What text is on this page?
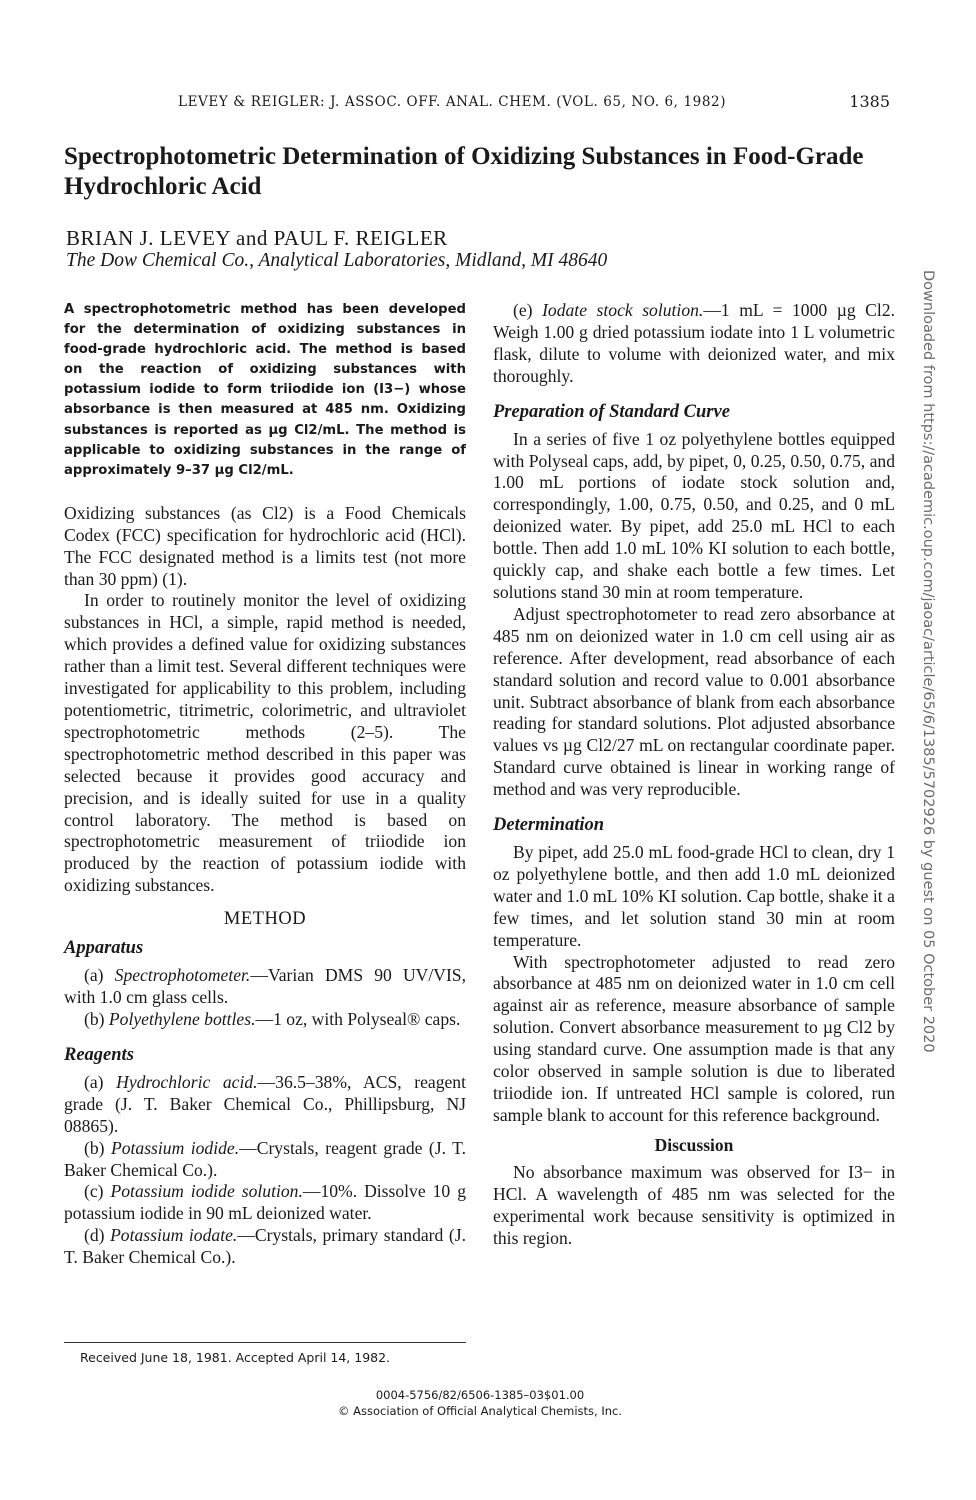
LEVEY & REIGLER: J. ASSOC. OFF. ANAL. CHEM. (VOL. 65, NO. 6, 1982)	1385
Spectrophotometric Determination of Oxidizing Substances in Food-Grade Hydrochloric Acid
BRIAN J. LEVEY and PAUL F. REIGLER
The Dow Chemical Co., Analytical Laboratories, Midland, MI 48640

A spectrophotometric method has been developed for the determination of oxidizing substances in food-grade hydrochloric acid. The method is based on the reaction of oxidizing substances with potassium iodide to form triiodide ion (I3−) whose absorbance is then measured at 485 nm. Oxidizing substances is reported as µg Cl2/mL. The method is applicable to oxidizing substances in the range of approximately 9–37 µg Cl2/mL.

Oxidizing substances (as Cl2) is a Food Chemicals Codex (FCC) specification for hydrochloric acid (HCl). The FCC designated method is a limits test (not more than 30 ppm) (1).

In order to routinely monitor the level of oxidizing substances in HCl, a simple, rapid method is needed, which provides a defined value for oxidizing substances rather than a limit test. Several different techniques were investigated for applicability to this problem, including potentiometric, titrimetric, colorimetric, and ultraviolet spectrophotometric methods (2–5). The spectrophotometric method described in this paper was selected because it provides good accuracy and precision, and is ideally suited for use in a quality control laboratory. The method is based on spectrophotometric measurement of triiodide ion produced by the reaction of potassium iodide with oxidizing substances.

METHOD
Apparatus

(a) Spectrophotometer.—Varian DMS 90 UV/VIS, with 1.0 cm glass cells.

(b) Polyethylene bottles.—1 oz, with Polyseal® caps.

Reagents

(a) Hydrochloric acid.—36.5–38%, ACS, reagent grade (J. T. Baker Chemical Co., Phillipsburg, NJ 08865).

(b) Potassium iodide.—Crystals, reagent grade (J. T. Baker Chemical Co.).

(c) Potassium iodide solution.—10%. Dissolve 10 g potassium iodide in 90 mL deionized water.

(d) Potassium iodate.—Crystals, primary standard (J. T. Baker Chemical Co.).

Received June 18, 1981. Accepted April 14, 1982.

(e) Iodate stock solution.—1 mL = 1000 µg Cl2. Weigh 1.00 g dried potassium iodate into 1 L volumetric flask, dilute to volume with deionized water, and mix thoroughly.

Preparation of Standard Curve

In a series of five 1 oz polyethylene bottles equipped with Polyseal caps, add, by pipet, 0, 0.25, 0.50, 0.75, and 1.00 mL portions of iodate stock solution and, correspondingly, 1.00, 0.75, 0.50, and 0.25, and 0 mL deionized water. By pipet, add 25.0 mL HCl to each bottle. Then add 1.0 mL 10% KI solution to each bottle, quickly cap, and shake each bottle a few times. Let solutions stand 30 min at room temperature.

Adjust spectrophotometer to read zero absorbance at 485 nm on deionized water in 1.0 cm cell using air as reference. After development, read absorbance of each standard solution and record value to 0.001 absorbance unit. Subtract absorbance of blank from each absorbance reading for standard solutions. Plot adjusted absorbance values vs µg Cl2/27 mL on rectangular coordinate paper. Standard curve obtained is linear in working range of method and was very reproducible.

Determination

By pipet, add 25.0 mL food-grade HCl to clean, dry 1 oz polyethylene bottle, and then add 1.0 mL deionized water and 1.0 mL 10% KI solution. Cap bottle, shake it a few times, and let solution stand 30 min at room temperature.

With spectrophotometer adjusted to read zero absorbance at 485 nm on deionized water in 1.0 cm cell against air as reference, measure absorbance of sample solution. Convert absorbance measurement to µg Cl2 by using standard curve. One assumption made is that any color observed in sample solution is due to liberated triiodide ion. If untreated HCl sample is colored, run sample blank to account for this reference background.

Discussion

No absorbance maximum was observed for I3− in HCl. A wavelength of 485 nm was selected for the experimental work because sensitivity is optimized in this region.

0004-5756/82/6506-1385–03$01.00
© Association of Official Analytical Chemists, Inc.
Downloaded from https://academic.oup.com/jaoac/article/65/6/1385/5702926 by guest on 05 October 2020
